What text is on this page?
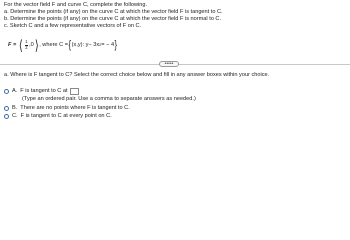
For the vector field F and curve C, complete the following.
a. Determine the points (if any) on the curve C at which the vector field F is tangent to C.
b. Determine the points (if any) on the curve C at which the vector field F is normal to C.
c. Sketch C and a few representative vectors of F on C.
F = ⟨ $\frac{1}{2} ,0$ ⟩ , where C = { (x,y): y − 3x 2 = − 4 }
•••••
a. Where is F tangent to C? Select the correct choice below and fill in any answer boxes within your choice.
A. F is tangent to C at
(Type an ordered pair. Use a comma to separate answers as needed.)
B. There are no points where F is tangent to C.
C. F is tangent to C at every point on C.
